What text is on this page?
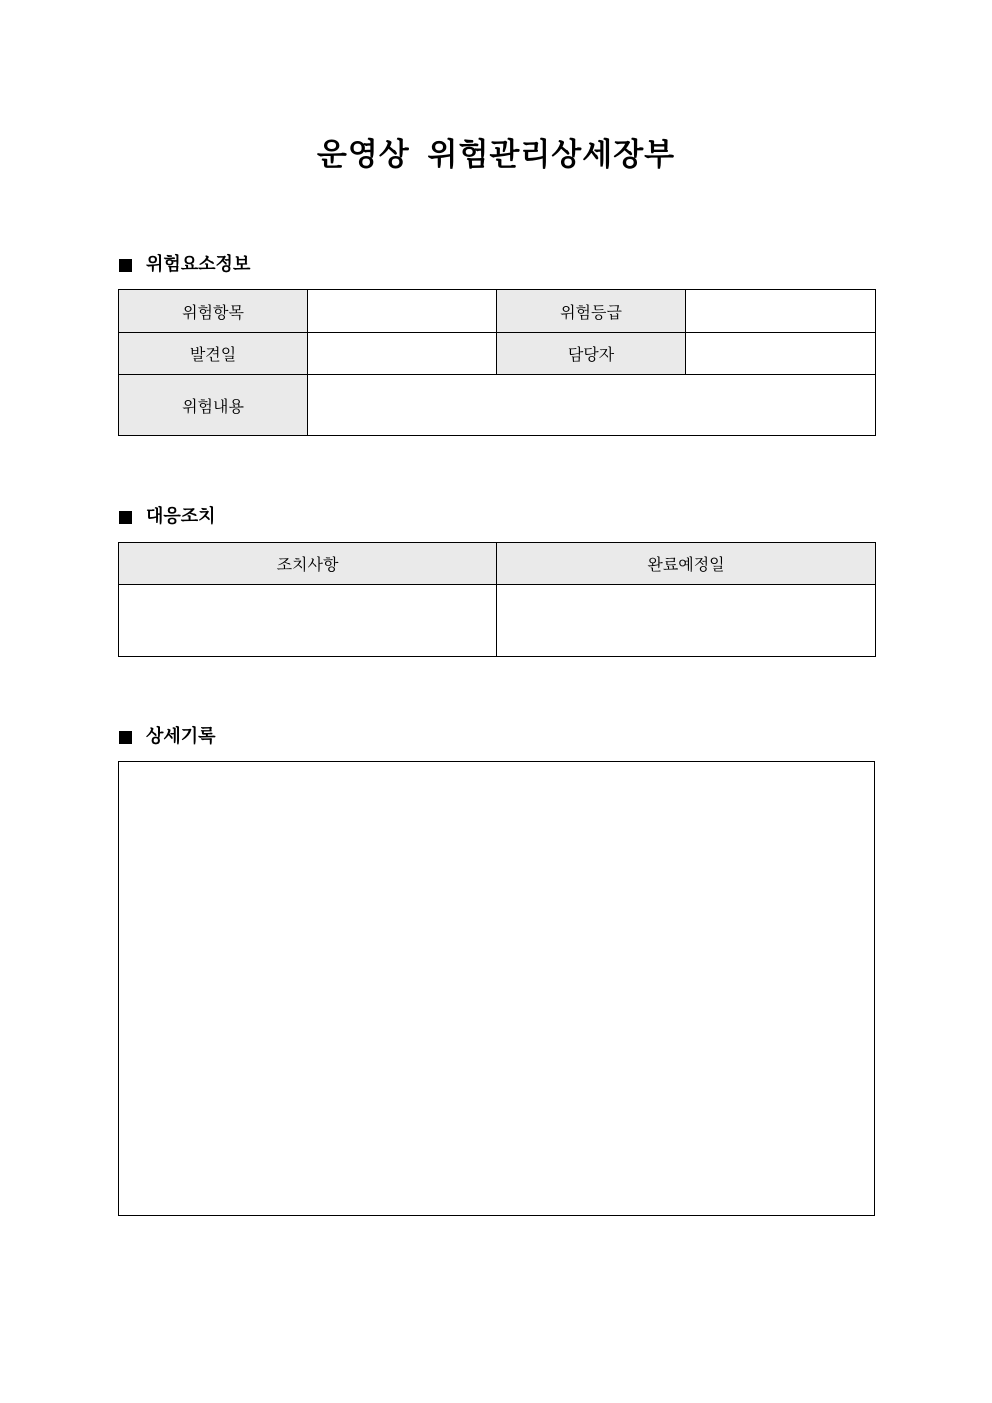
운영상 위험관리상세장부
위험요소정보
위험항목		위험등급	
발견일		담당자	
위험내용			
대응조치
조치사항	완료예정일

상세기록
